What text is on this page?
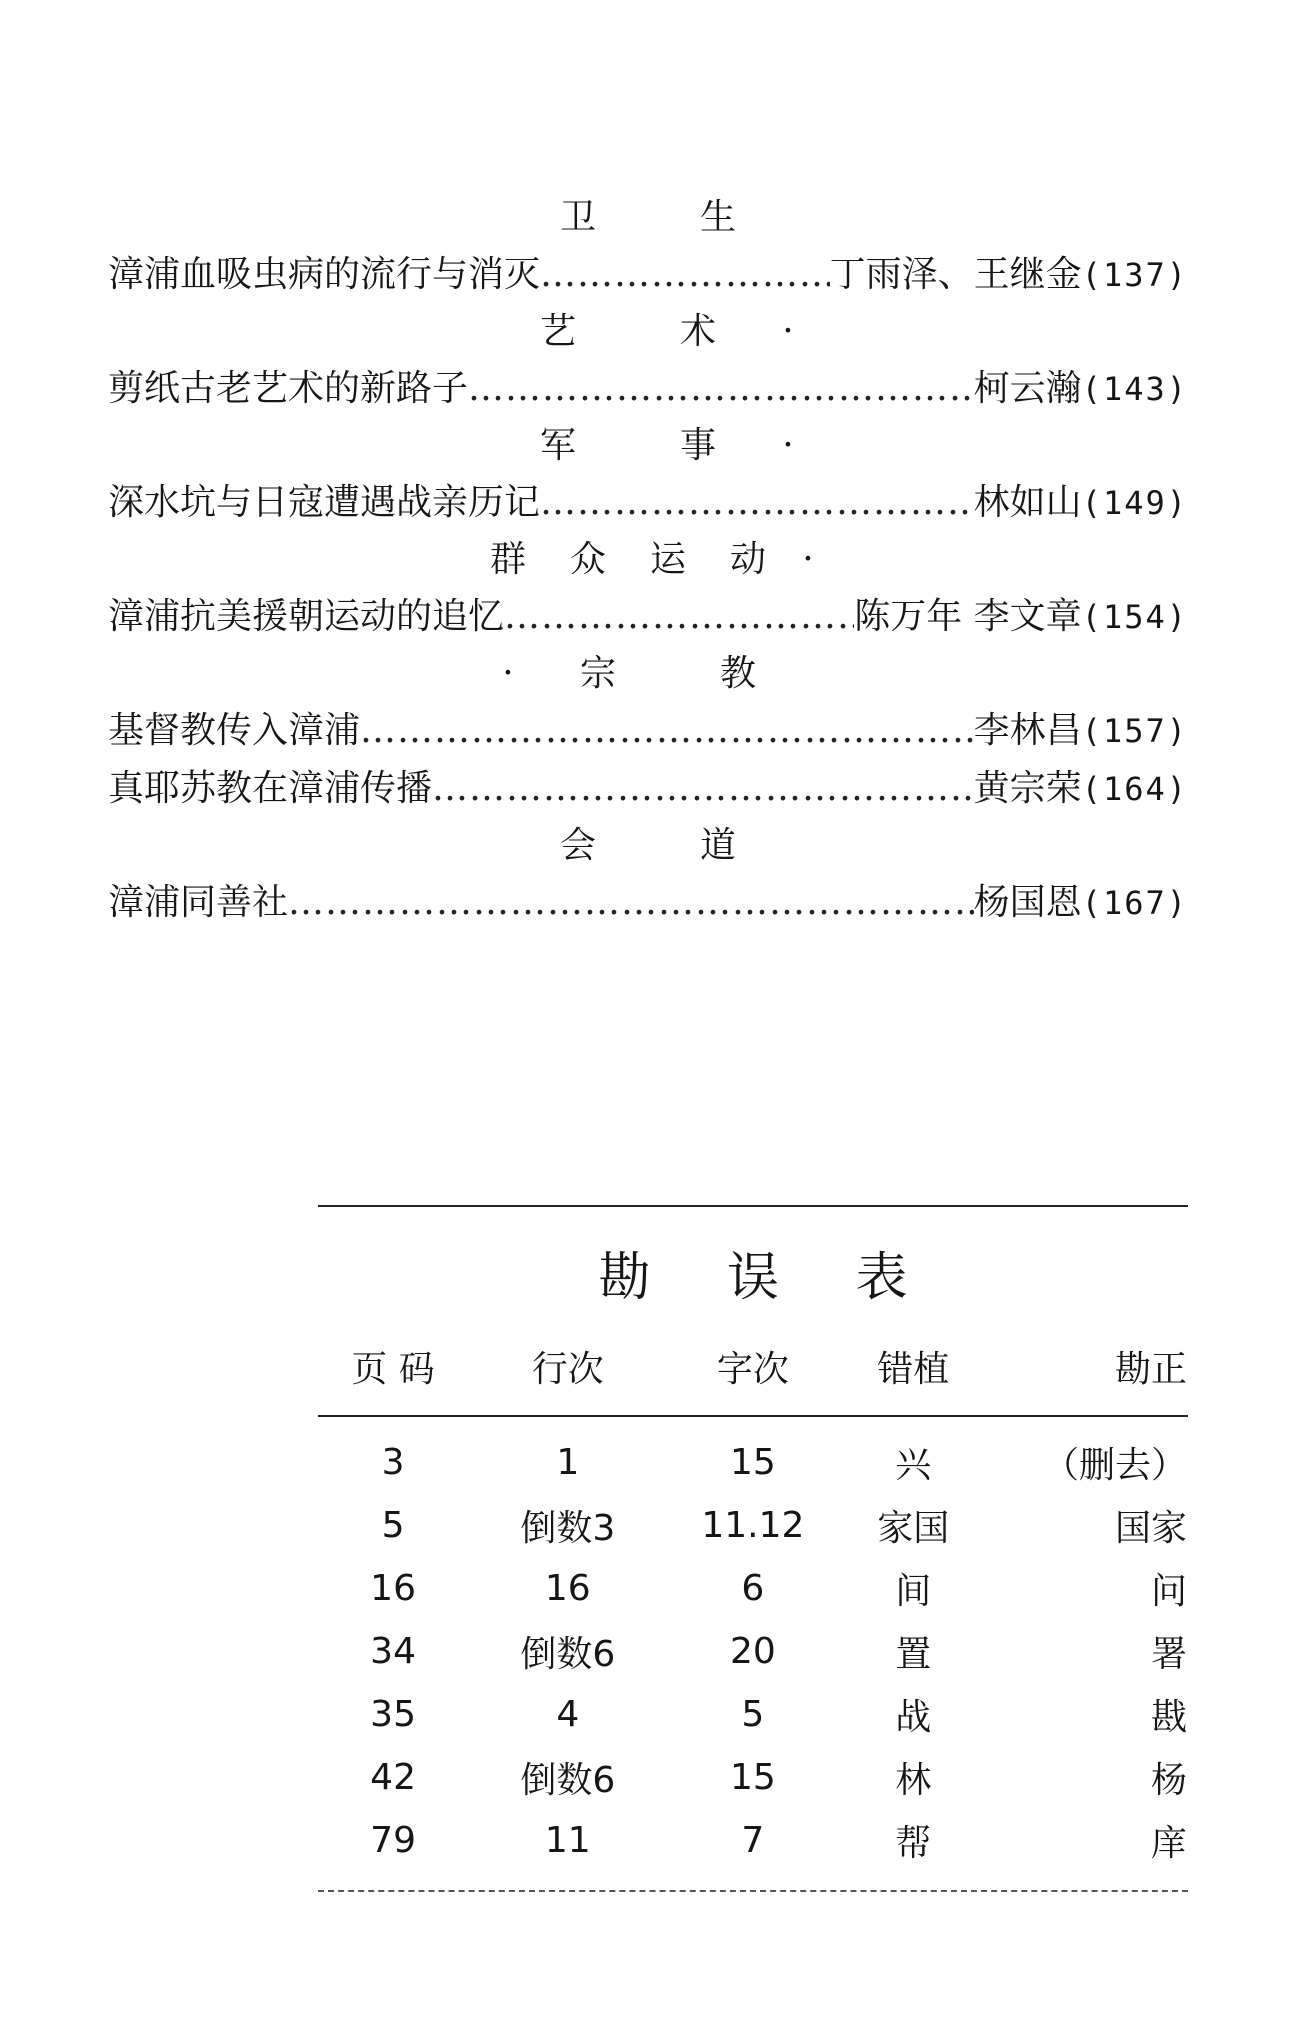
卫	生
漳浦血吸虫病的流行与消灭 ………………………………………………………………………………………………………………………………………………	丁雨泽、王继金 (137)
艺	术	·
剪纸古老艺术的新路子 ………………………………………………………………………………………………………………………………………………	柯云瀚 (143)
军	事	·
深水坑与日寇遭遇战亲历记 ………………………………………………………………………………………………………………………………………………	林如山 (149)
群	众	运	动	·
漳浦抗美援朝运动的追忆 ………………………………………………………………………………………………………………………………………………	陈万年 李文章 (154)
·	宗	教
基督教传入漳浦 ………………………………………………………………………………………………………………………………………………	李林昌 (157)
真耶苏教在漳浦传播 ………………………………………………………………………………………………………………………………………………	黄宗荣 (164)
会	道
漳浦同善社 ………………………………………………………………………………………………………………………………………………	杨国恩 (167)
勘 误 表
页 码	行次	字次	错植	勘正

3	1	15	兴	（删去）
5	倒数3	11.12	家国	国家
16	16	6	间	问
34	倒数6	20	置	署
35	4	5	战	戡
42	倒数6	15	林	杨
79	11	7	帮	庠
